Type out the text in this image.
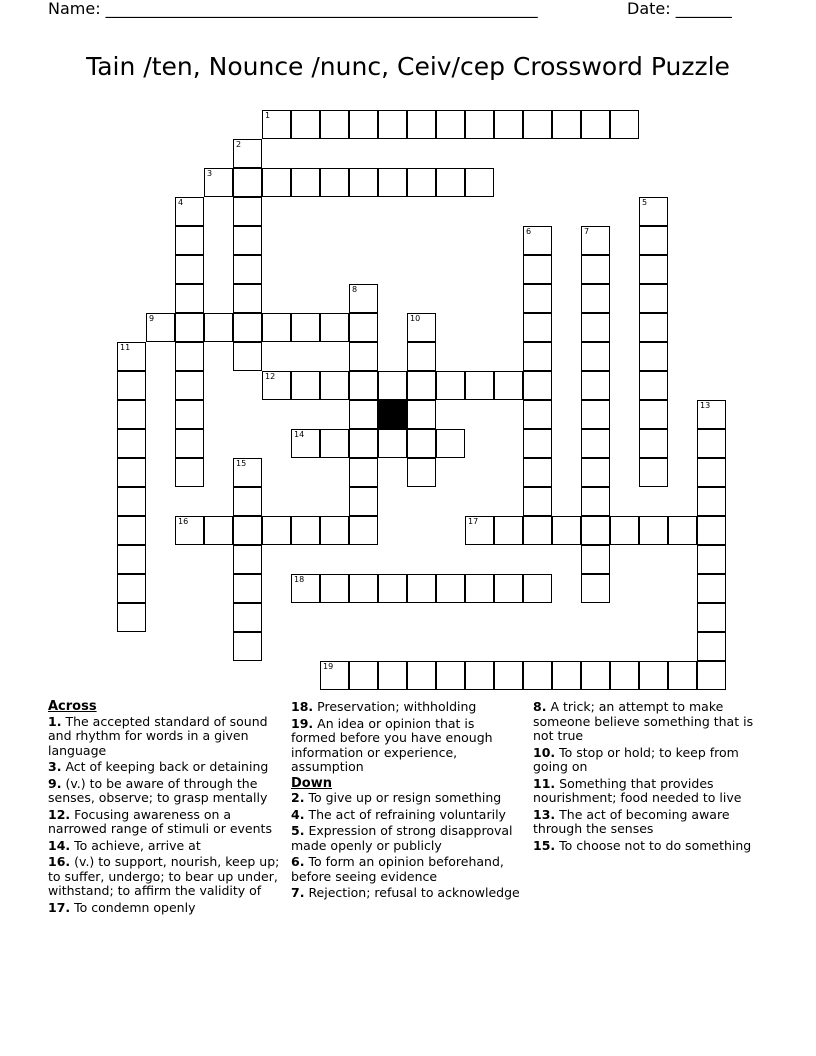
Name: ______________________________________________________	Date: _______
Tain /ten, Nounce /nunc, Ceiv/cep Crossword Puzzle
1
2
3
4	5
6	7
8
9	10
11
12
13
14
15
16	17
18
19
Across
1. The accepted standard of sound and rhythm for words in a given language
3. Act of keeping back or detaining
9. (v.) to be aware of through the senses, observe; to grasp mentally
12. Focusing awareness on a narrowed range of stimuli or events
14. To achieve, arrive at
16. (v.) to support, nourish, keep up; to suffer, undergo; to bear up under, withstand; to affirm the validity of
17. To condemn openly
18. Preservation; withholding
19. An idea or opinion that is formed before you have enough information or experience, assumption
Down
2. To give up or resign something
4. The act of refraining voluntarily
5. Expression of strong disapproval made openly or publicly
6. To form an opinion beforehand, before seeing evidence
7. Rejection; refusal to acknowledge
8. A trick; an attempt to make someone believe something that is not true
10. To stop or hold; to keep from going on
11. Something that provides nourishment; food needed to live
13. The act of becoming aware through the senses
15. To choose not to do something
